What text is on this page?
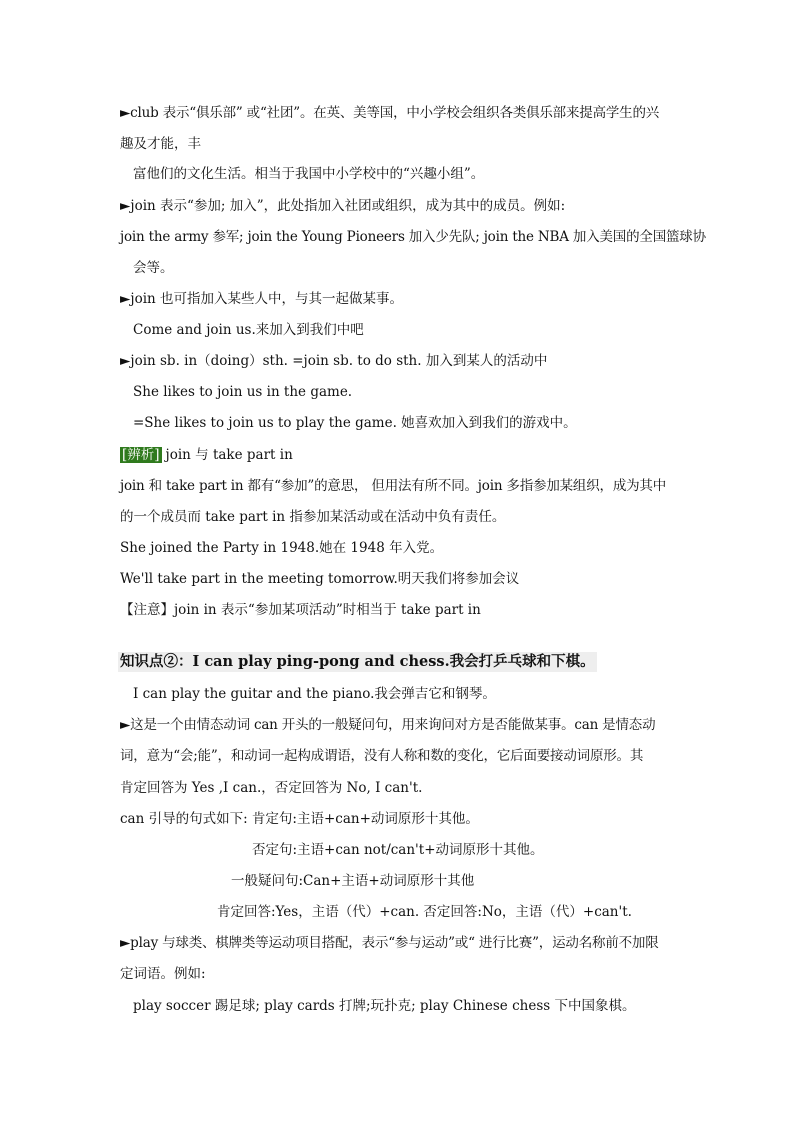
►club 表示“俱乐部” 或“社团”。在英、美等国，中小学校会组织各类俱乐部来提高学生的兴
趣及才能，丰
富他们的文化生活。相当于我国中小学校中的“兴趣小组”。
►join 表示“参加; 加入”，此处指加入社团或组织，成为其中的成员。例如:
join the army 参军; join the Young Pioneers 加入少先队; join the NBA 加入美国的全国篮球协
会等。
►join 也可指加入某些人中，与其一起做某事。
Come and join us.来加入到我们中吧
►join sb. in（doing）sth. =join sb. to do sth. 加入到某人的活动中
She likes to join us in the game.
=She likes to join us to play the game. 她喜欢加入到我们的游戏中。
[辨析] join 与 take part in
join 和 take part in 都有“参加”的意思， 但用法有所不同。join 多指参加某组织，成为其中
的一个成员而 take part in 指参加某活动或在活动中负有责任。
She joined the Party in 1948.她在 1948 年入党。
We'll take part in the meeting tomorrow.明天我们将参加会议
【注意】join in 表示“参加某项活动”时相当于 take part in
知识点②：I can play ping-pong and chess.我会打乒乓球和下棋。
I can play the guitar and the piano.我会弹吉它和钢琴。
►这是一个由情态动词 can 开头的一般疑问句，用来询问对方是否能做某事。can 是情态动
词，意为“会;能”，和动词一起构成谓语，没有人称和数的变化，它后面要接动词原形。其
肯定回答为 Yes ,I can.，否定回答为 No, I can't.
can 引导的句式如下: 肯定句:主语+can+动词原形十其他。
否定句:主语+can not/can't+动词原形十其他。
一般疑问句:Can+主语+动词原形十其他
肯定回答:Yes，主语（代）+can. 否定回答:No，主语（代）+can't.
►play 与球类、棋牌类等运动项目搭配，表示“参与运动”或“ 进行比赛”，运动名称前不加限
定词语。例如:
play soccer 踢足球; play cards 打牌;玩扑克; play Chinese chess 下中国象棋。
